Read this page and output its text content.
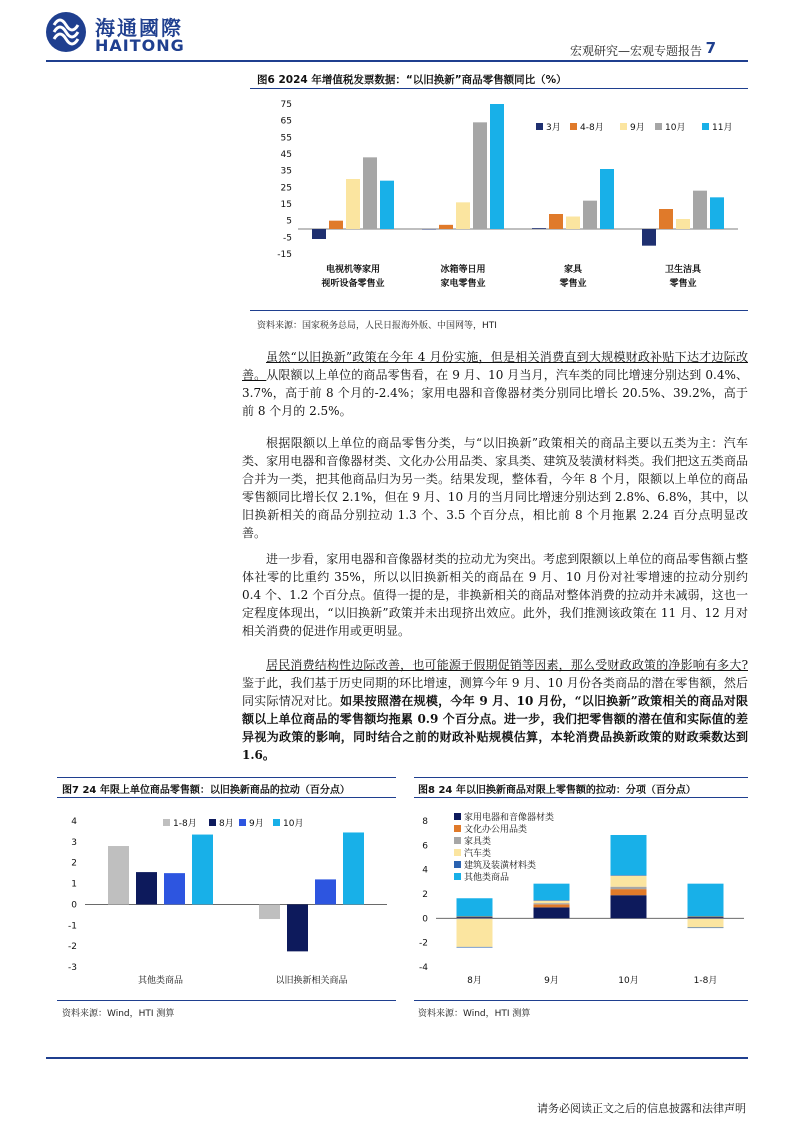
海通國際
HAITONG	宏观研究—宏观专题报告 7
图6 2024 年增值税发票数据：“以旧换新”商品零售额同比（%）
-15
-5
5
15
25
35
45
55
65
75
电视机等家用
视听设备零售业
冰箱等日用
家电零售业
家具
零售业
卫生洁具
零售业
3月 4-8月	9月 10月	11月
资料来源：国家税务总局，人民日报海外版、中国网等，HTI

虽然“以旧换新”政策在今年 4 月份实施，但是相关消费直到大规模财政补贴下达才边际改善。从限额以上单位的商品零售看，在 9 月、10 月当月，汽车类的同比增速分别达到 0.4%、3.7%，高于前 8 个月的-2.4%；家用电器和音像器材类分别同比增长 20.5%、39.2%，高于前 8 个月的 2.5%。

根据限额以上单位的商品零售分类，与“以旧换新”政策相关的商品主要以五类为主：汽车类、家用电器和音像器材类、文化办公用品类、家具类、建筑及装潢材料类。我们把这五类商品合并为一类，把其他商品归为另一类。结果发现，整体看，今年 8 个月，限额以上单位的商品零售额同比增长仅 2.1%，但在 9 月、10 月的当月同比增速分别达到 2.8%、6.8%，其中，以旧换新相关的商品分别拉动 1.3 个、3.5 个百分点，相比前 8 个月拖累 2.24 百分点明显改善。

进一步看，家用电器和音像器材类的拉动尤为突出。考虑到限额以上单位的商品零售额占整体社零的比重约 35%，所以以旧换新相关的商品在 9 月、10 月份对社零增速的拉动分别约 0.4 个、1.2 个百分点。值得一提的是，非换新相关的商品对整体消费的拉动并未减弱，这也一定程度体现出，“以旧换新”政策并未出现挤出效应。此外，我们推测该政策在 11 月、12 月对相关消费的促进作用或更明显。

居民消费结构性边际改善，也可能源于假期促销等因素，那么受财政政策的净影响有多大?鉴于此，我们基于历史同期的环比增速，测算今年 9 月、10 月份各类商品的潜在零售额，然后同实际情况对比。如果按照潜在规模，今年 9 月、10 月份，“以旧换新”政策相关的商品对限额以上单位商品的零售额均拖累 0.9 个百分点。进一步，我们把零售额的潜在值和实际值的差异视为政策的影响，同时结合之前的财政补贴规模估算，本轮消费品换新政策的财政乘数达到 1.6。

图7 24 年限上单位商品零售额：以旧换新商品的拉动（百分点）
-3
-2
-1
0
1
2
3
4
其他类商品	以旧换新相关商品
1-8月 8月 9月 10月
资料来源：Wind，HTI 测算
图8 24 年以旧换新商品对限上零售额的拉动：分项（百分点）
-4
-2
0
2
4
6
8
8月	9月	10月	1-8月
家用电器和音像器材类
文化办公用品类
家具类
汽车类
建筑及装潢材料类
其他类商品
资料来源：Wind，HTI 测算
请务必阅读正文之后的信息披露和法律声明
